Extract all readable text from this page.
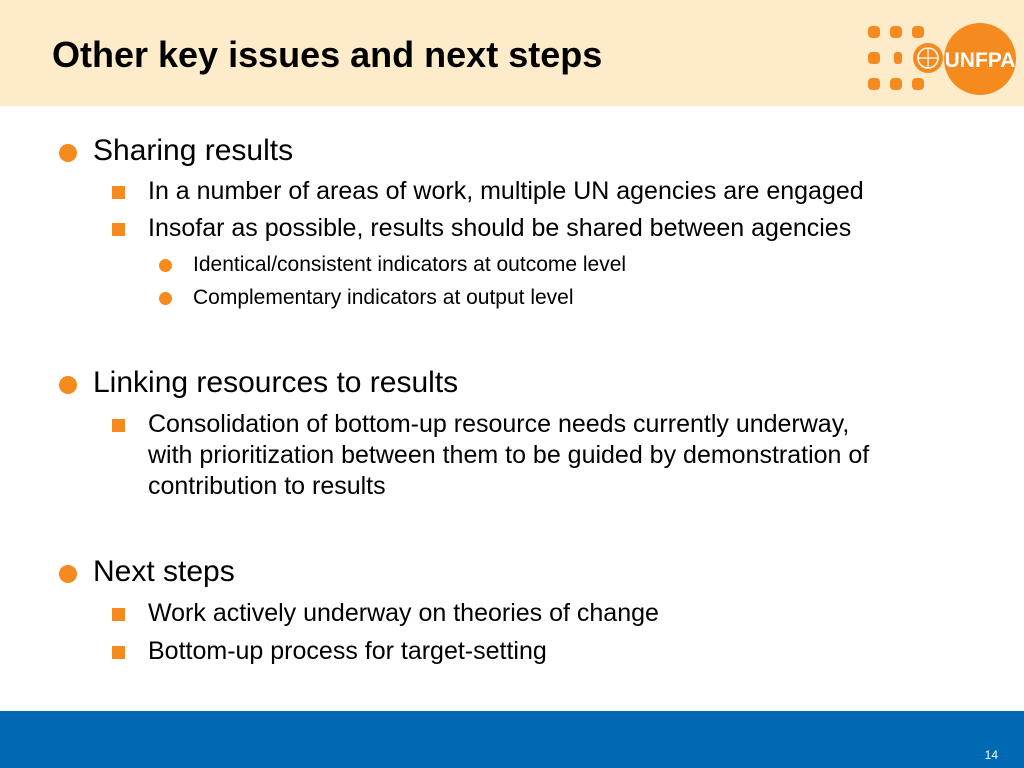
Other key issues and next steps	UNFPA
Sharing results
In a number of areas of work, multiple UN agencies are engaged
Insofar as possible, results should be shared between agencies
Identical/consistent indicators at outcome level
Complementary indicators at output level
Linking resources to results
Consolidation of bottom-up resource needs currently underway,
with prioritization between them to be guided by demonstration of
contribution to results
Next steps
Work actively underway on theories of change
Bottom-up process for target-setting
14
